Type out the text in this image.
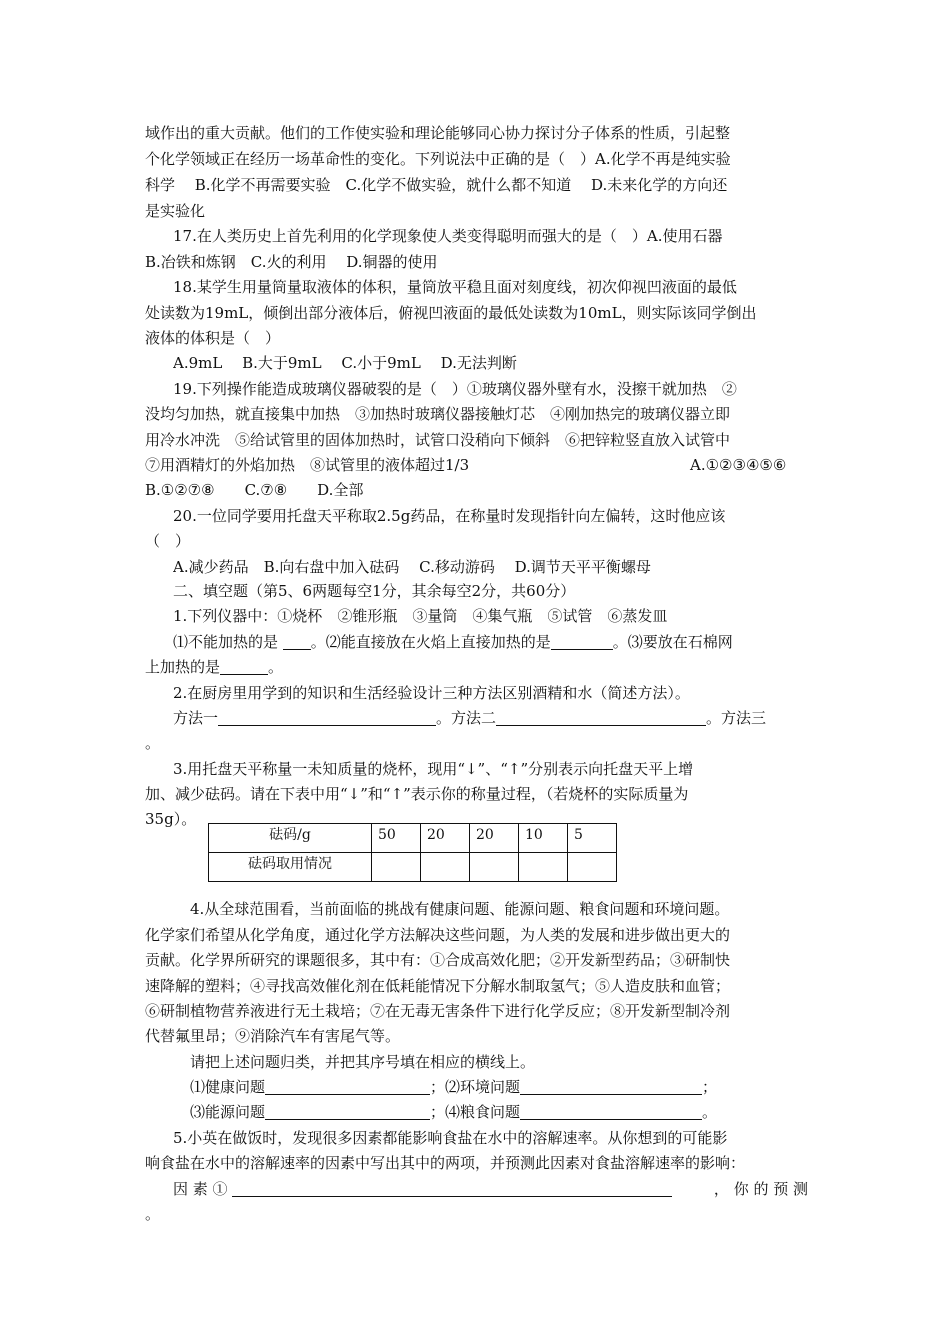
域作出的重大贡献。他们的工作使实验和理论能够同心协力探讨分子体系的性质，引起整
个化学领域正在经历一场革命性的变化。下列说法中正确的是（　）A.化学不再是纯实验
科学　 B.化学不再需要实验　C.化学不做实验，就什么都不知道　 D.未来化学的方向还
是实验化
17.在人类历史上首先利用的化学现象使人类变得聪明而强大的是（　）A.使用石器
B.冶铁和炼钢　C.火的利用　 D.铜器的使用
18.某学生用量筒量取液体的体积，量筒放平稳且面对刻度线，初次仰视凹液面的最低
处读数为19mL，倾倒出部分液体后，俯视凹液面的最低处读数为10mL，则实际该同学倒出
液体的体积是（　）
A.9mL　 B.大于9mL　 C.小于9mL　 D.无法判断
19.下列操作能造成玻璃仪器破裂的是（　）①玻璃仪器外壁有水，没擦干就加热　②
没均匀加热，就直接集中加热　③加热时玻璃仪器接触灯芯　④刚加热完的玻璃仪器立即
用冷水冲洗　⑤给试管里的固体加热时，试管口没稍向下倾斜　⑥把锌粒竖直放入试管中
⑦用酒精灯的外焰加热　⑧试管里的液体超过1/3	A.①②③④⑤⑥
B.①②⑦⑧　　C.⑦⑧　　D.全部
20.一位同学要用托盘天平称取2.5g药品，在称量时发现指针向左偏转，这时他应该
（　）
A.减少药品　B.向右盘中加入砝码　 C.移动游码　 D.调节天平平衡螺母
二、填空题（第5、6两题每空1分，其余每空2分，共60分）
1.下列仪器中：①烧杯　②锥形瓶　③量筒　④集气瓶　⑤试管　⑥蒸发皿
⑴不能加热的是 。⑵能直接放在火焰上直接加热的是	。⑶要放在石棉网
上加热的是	。
2.在厨房里用学到的知识和生活经验设计三种方法区别酒精和水（简述方法）。
方法一	。方法二	。方法三
。
3.用托盘天平称量一未知质量的烧杯，现用“↓”、“↑”分别表示向托盘天平上增
加、减少砝码。请在下表中用“↓”和“↑”表示你的称量过程，（若烧杯的实际质量为
35g）。
砝码/g	50	20	20	10	5
砝码取用情况					
4.从全球范围看，当前面临的挑战有健康问题、能源问题、粮食问题和环境问题。
化学家们希望从化学角度，通过化学方法解决这些问题，为人类的发展和进步做出更大的
贡献。化学界所研究的课题很多，其中有：①合成高效化肥；②开发新型药品；③研制快
速降解的塑料；④寻找高效催化剂在低耗能情况下分解水制取氢气；⑤人造皮肤和血管；
⑥研制植物营养液进行无土栽培；⑦在无毒无害条件下进行化学反应；⑧开发新型制冷剂
代替氟里昂；⑨消除汽车有害尾气等。
请把上述问题归类，并把其序号填在相应的横线上。
⑴健康问题	；⑵环境问题	；
⑶能源问题	；⑷粮食问题	。
5.小英在做饭时，发现很多因素都能影响食盐在水中的溶解速率。从你想到的可能影
响食盐在水中的溶解速率的因素中写出其中的两项，并预测此因素对食盐溶解速率的影响：
因 素 ①	， 你 的 预 测
。
